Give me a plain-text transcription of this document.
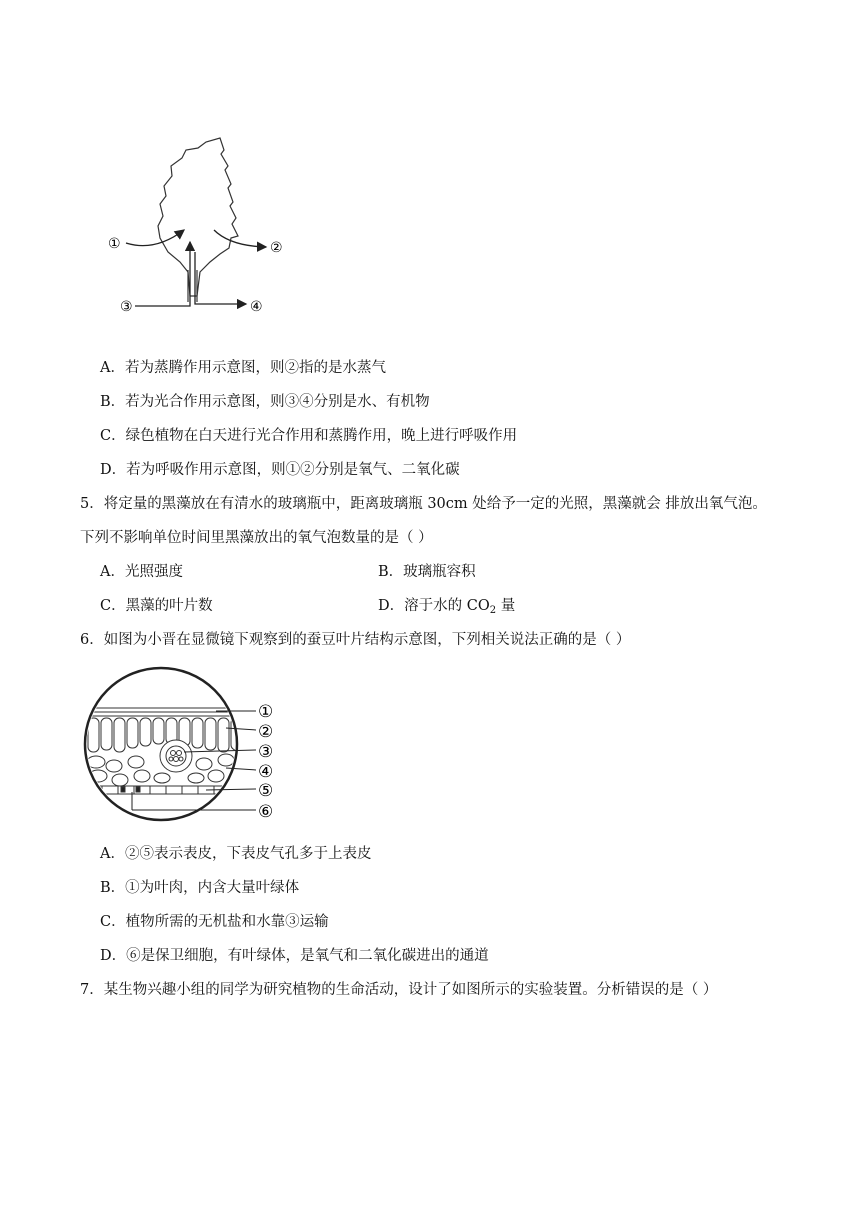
①	②
③	④
A．若为蒸腾作用示意图，则②指的是水蒸气
B．若为光合作用示意图，则③④分别是水、有机物
C．绿色植物在白天进行光合作用和蒸腾作用，晚上进行呼吸作用
D．若为呼吸作用示意图，则①②分别是氧气、二氧化碳
5．将定量的黑藻放在有清水的玻璃瓶中，距离玻璃瓶 30cm 处给予一定的光照，黑藻就会 排放出氧气泡。
下列不影响单位时间里黑藻放出的氧气泡数量的是（ ）
A．光照强度	B．玻璃瓶容积
C．黑藻的叶片数	D．溶于水的 $CO_2$ 量
6．如图为小晋在显微镜下观察到的蚕豆叶片结构示意图，下列相关说法正确的是（ ）
①
②
③
④
⑤
⑥
A．②⑤表示表皮，下表皮气孔多于上表皮
B．①为叶肉，内含大量叶绿体
C．植物所需的无机盐和水靠③运输
D．⑥是保卫细胞，有叶绿体，是氧气和二氧化碳进出的通道
7．某生物兴趣小组的同学为研究植物的生命活动，设计了如图所示的实验装置。分析错误的是（ ）
